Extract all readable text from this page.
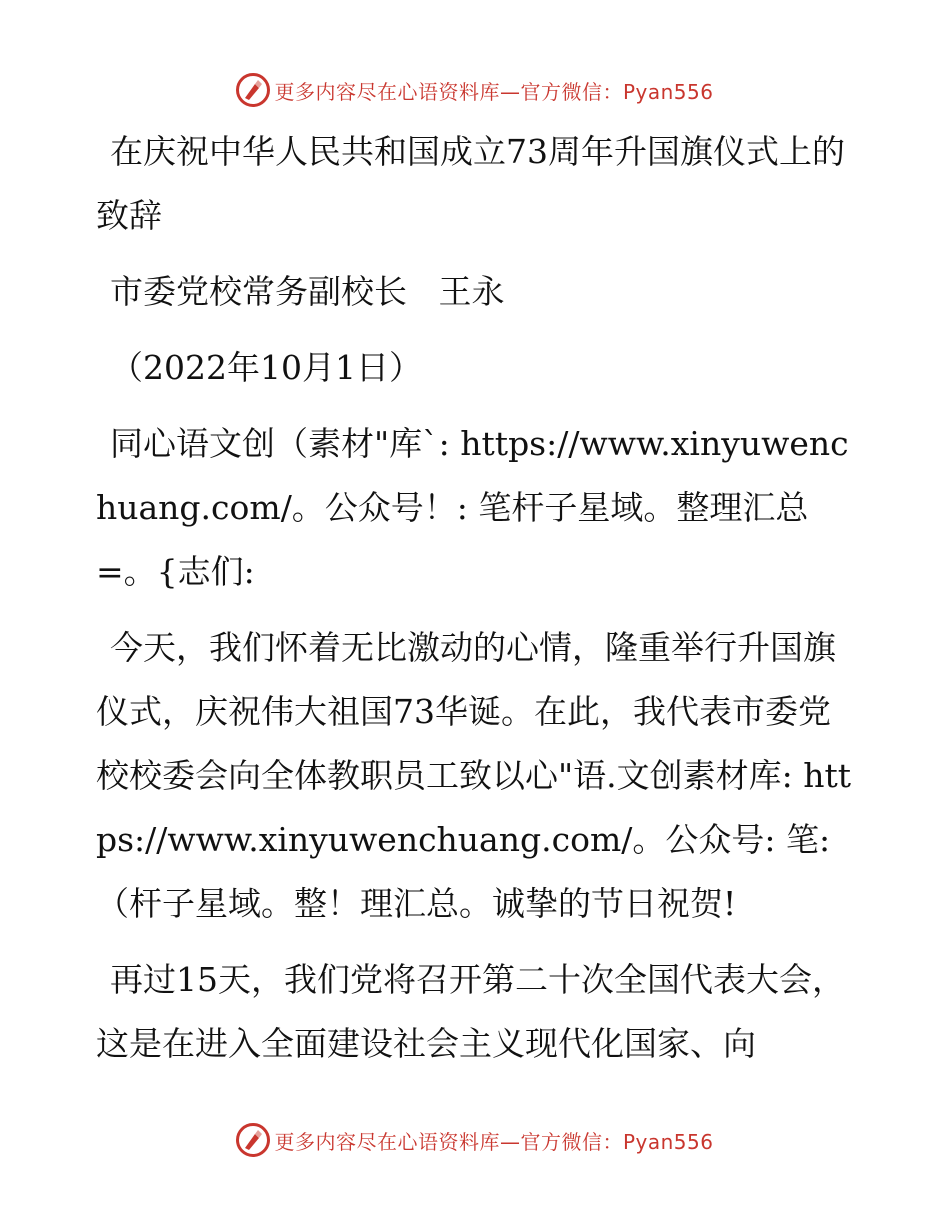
更多内容尽在心语资料库—官方微信：Pyan556

在庆祝中华人民共和国成立73周年升国旗仪式上的致辞

市委党校常务副校长   王永

（2022年10月1日）

同心语文创（素材"库`: https://www.xinyuwenchuang.com/。公众号！: 笔杆子星域。整理汇总=。{志们:

今天，我们怀着无比激动的心情，隆重举行升国旗仪式，庆祝伟大祖国73华诞。在此，我代表市委党校校委会向全体教职员工致以心"语.文创素材库: https://www.xinyuwenchuang.com/。公众号: 笔:（杆子星域。整！理汇总。诚挚的节日祝贺!

再过15天，我们党将召开第二十次全国代表大会，这是在进入全面建设社会主义现代化国家、向

更多内容尽在心语资料库—官方微信：Pyan556
